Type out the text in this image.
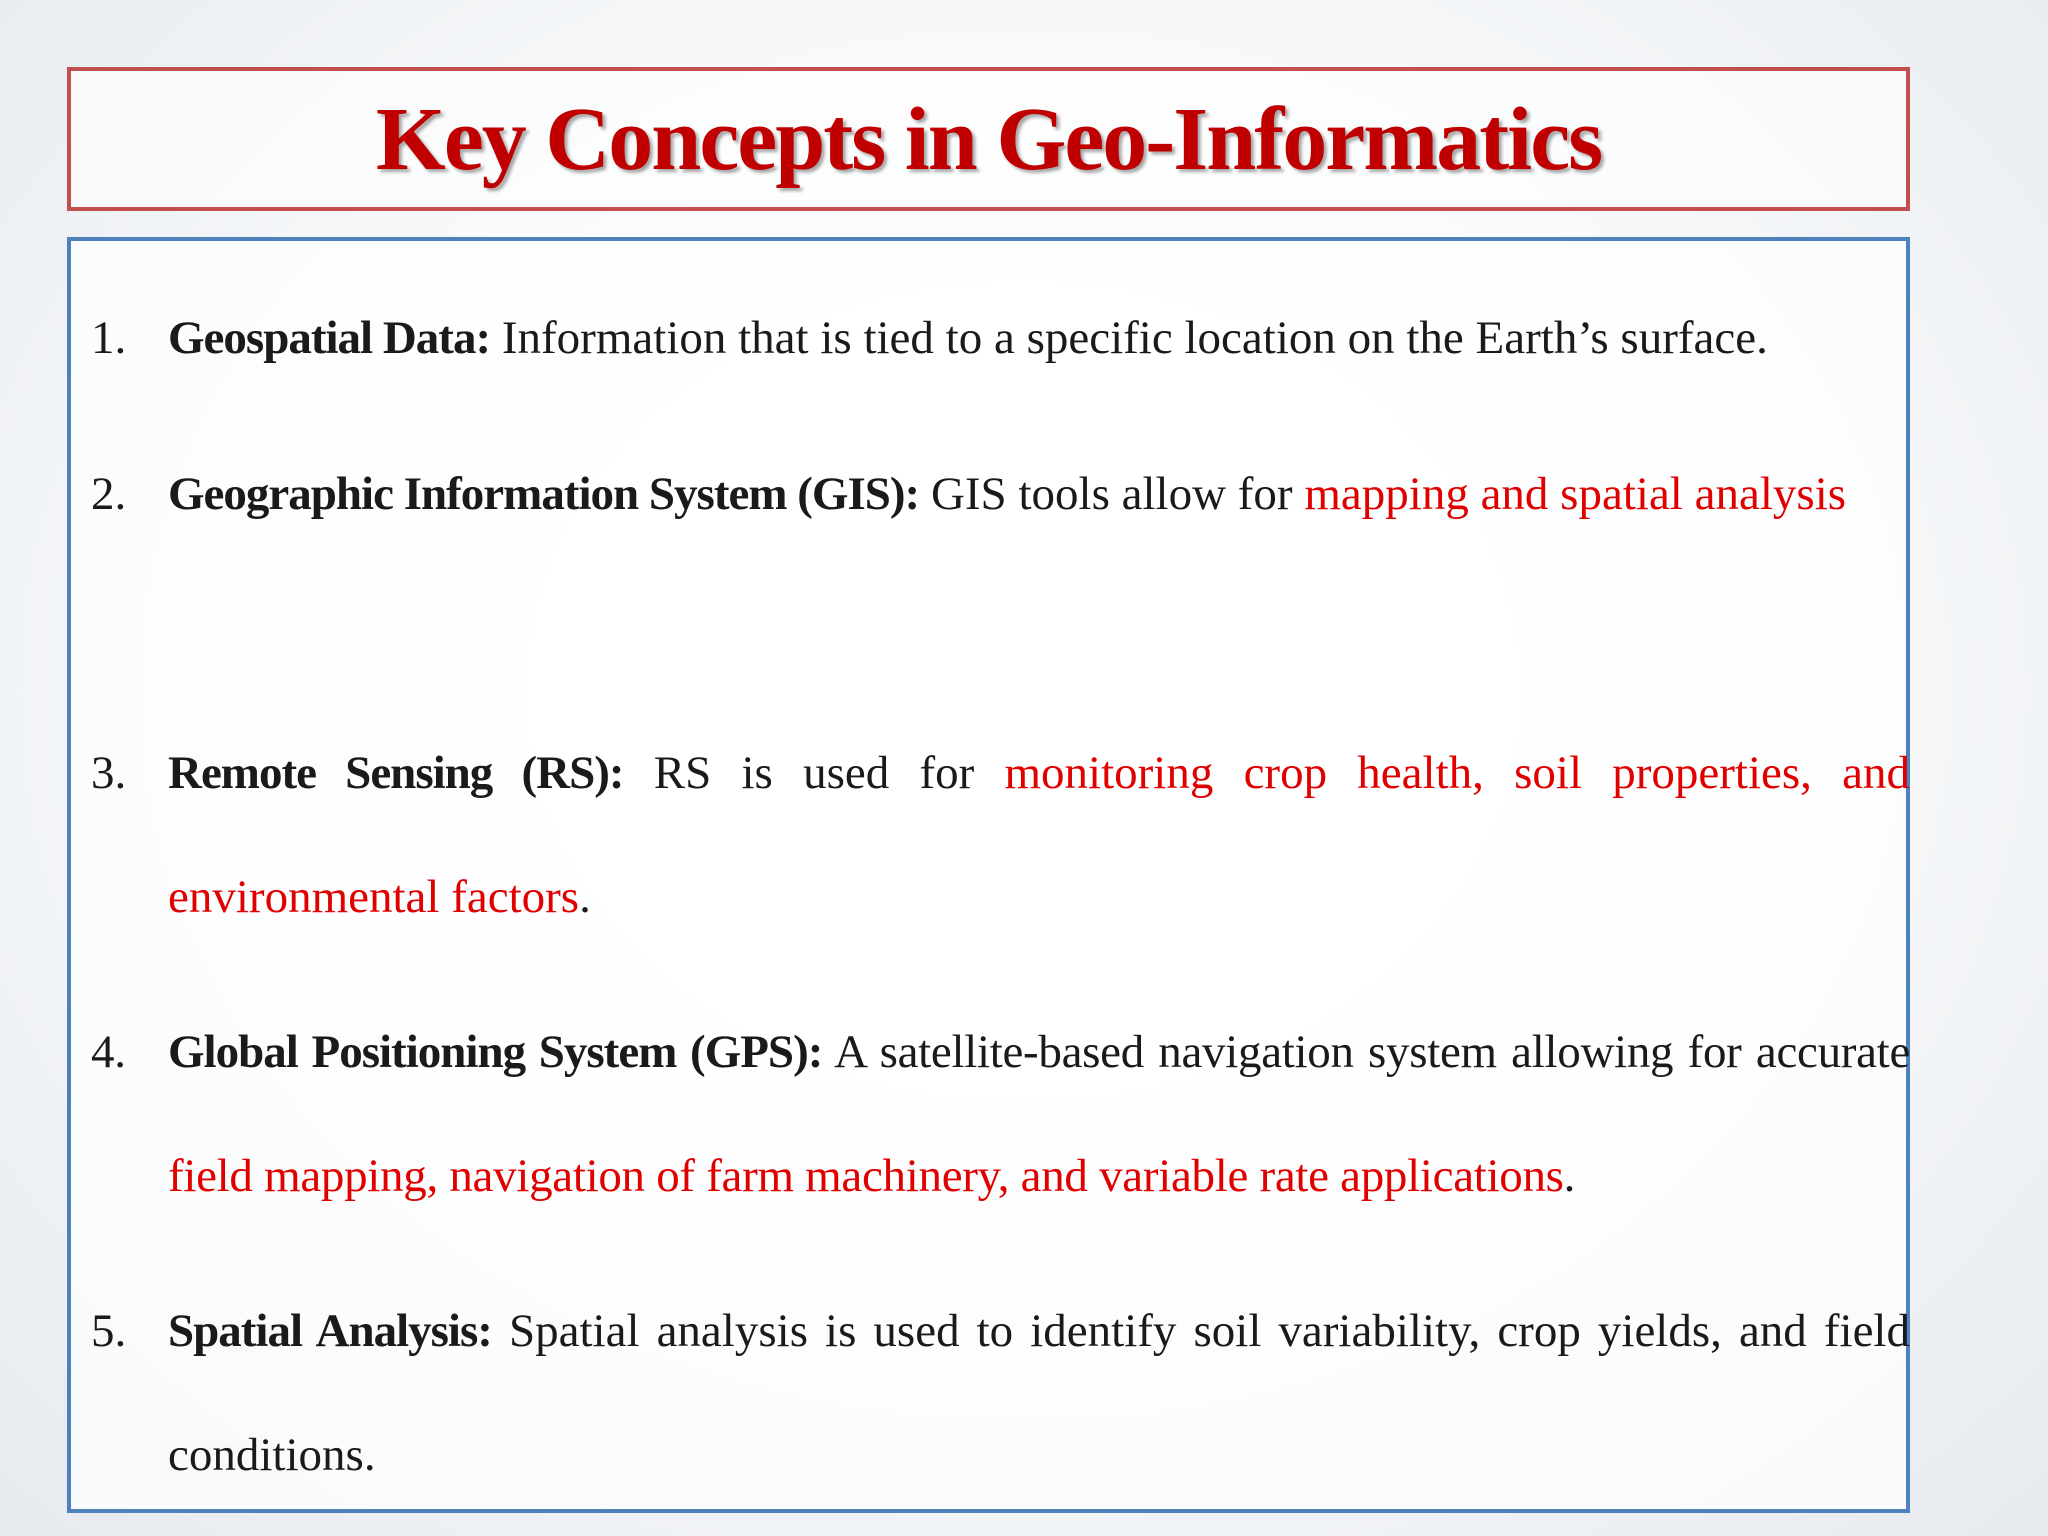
Key Concepts in Geo-Informatics
1. Geospatial Data: Information that is tied to a specific location on the Earth’s surface.
2. Geographic Information System (GIS): GIS tools allow for mapping and spatial analysis
3. Remote Sensing (RS): RS is used for monitoring crop health, soil properties, and environmental factors.
4. Global Positioning System (GPS): A satellite-based navigation system allowing for accurate field mapping, navigation of farm machinery, and variable rate applications.
5. Spatial Analysis: Spatial analysis is used to identify soil variability, crop yields, and field conditions.
